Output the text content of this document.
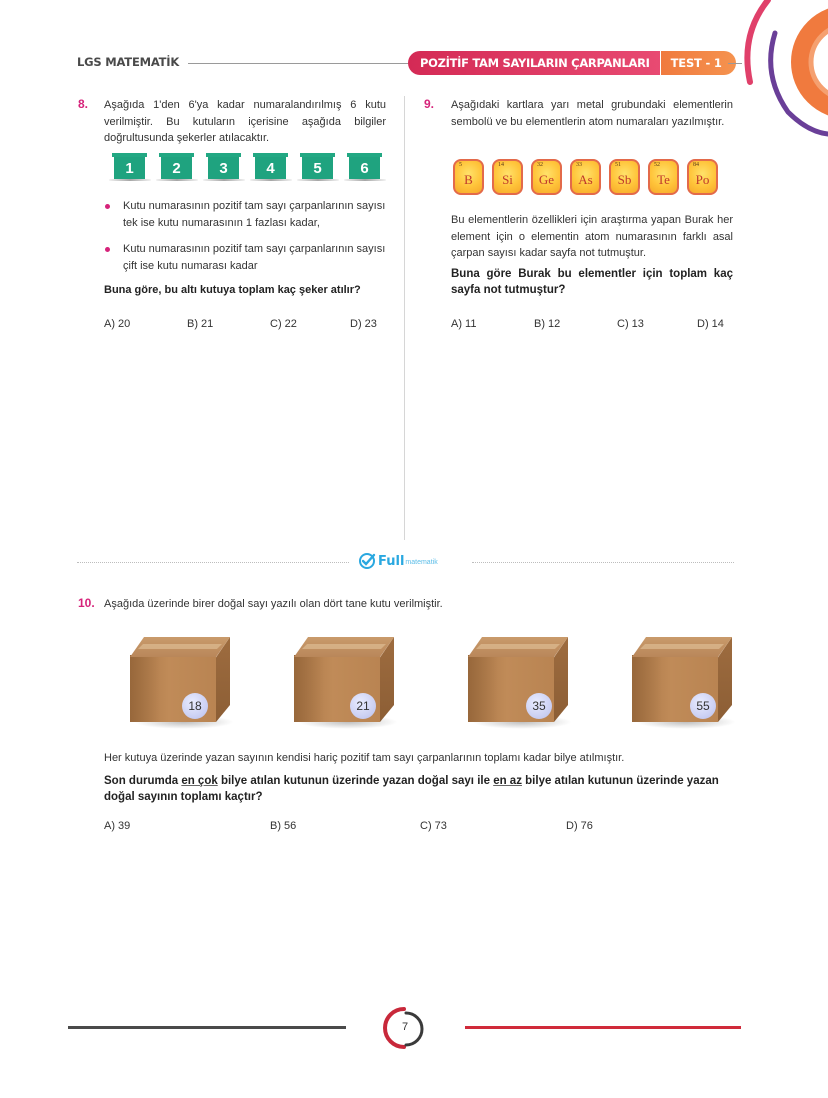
LGS MATEMATİK	POZİTİF TAM SAYILARIN ÇARPANLARI	TEST - 1
8. Aşağıda 1'den 6'ya kadar numaralandırılmış 6 kutu verilmiştir. Bu kutuların içerisine aşağıda bilgiler doğrultusunda şekerler atılacaktır.

1	2	3	4	5	6

Kutu numarasının pozitif tam sayı çarpanlarının sayısı tek ise kutu numarasının 1 fazlası kadar,

Kutu numarasının pozitif tam sayı çarpanlarının sayısı çift ise kutu numarası kadar

Buna göre, bu altı kutuya toplam kaç şeker atılır?

A) 20	B) 21	C) 22	D) 23
9. Aşağıdaki kartlara yarı metal grubundaki elementlerin sembolü ve bu elementlerin atom numaraları yazılmıştır.

5
B
14
Si
32
Ge
33
As
51
Sb
52
Te
84
Po

Bu elementlerin özellikleri için araştırma yapan Burak her element için o elementin atom numarasının farklı asal çarpan sayısı kadar sayfa not tutmuştur.

Buna göre Burak bu elementler için toplam kaç sayfa not tutmuştur?

A) 11	B) 12	C) 13	D) 14
Full matematik
10. Aşağıda üzerinde birer doğal sayı yazılı olan dört tane kutu verilmiştir.
18	21	35	55

Her kutuya üzerinde yazan sayının kendisi hariç pozitif tam sayı çarpanlarının toplamı kadar bilye atılmıştır.

Son durumda en çok bilye atılan kutunun üzerinde yazan doğal sayı ile en az bilye atılan kutunun üzerinde yazan doğal sayının toplamı kaçtır?

A) 39	B) 56	C) 73	D) 76
7
